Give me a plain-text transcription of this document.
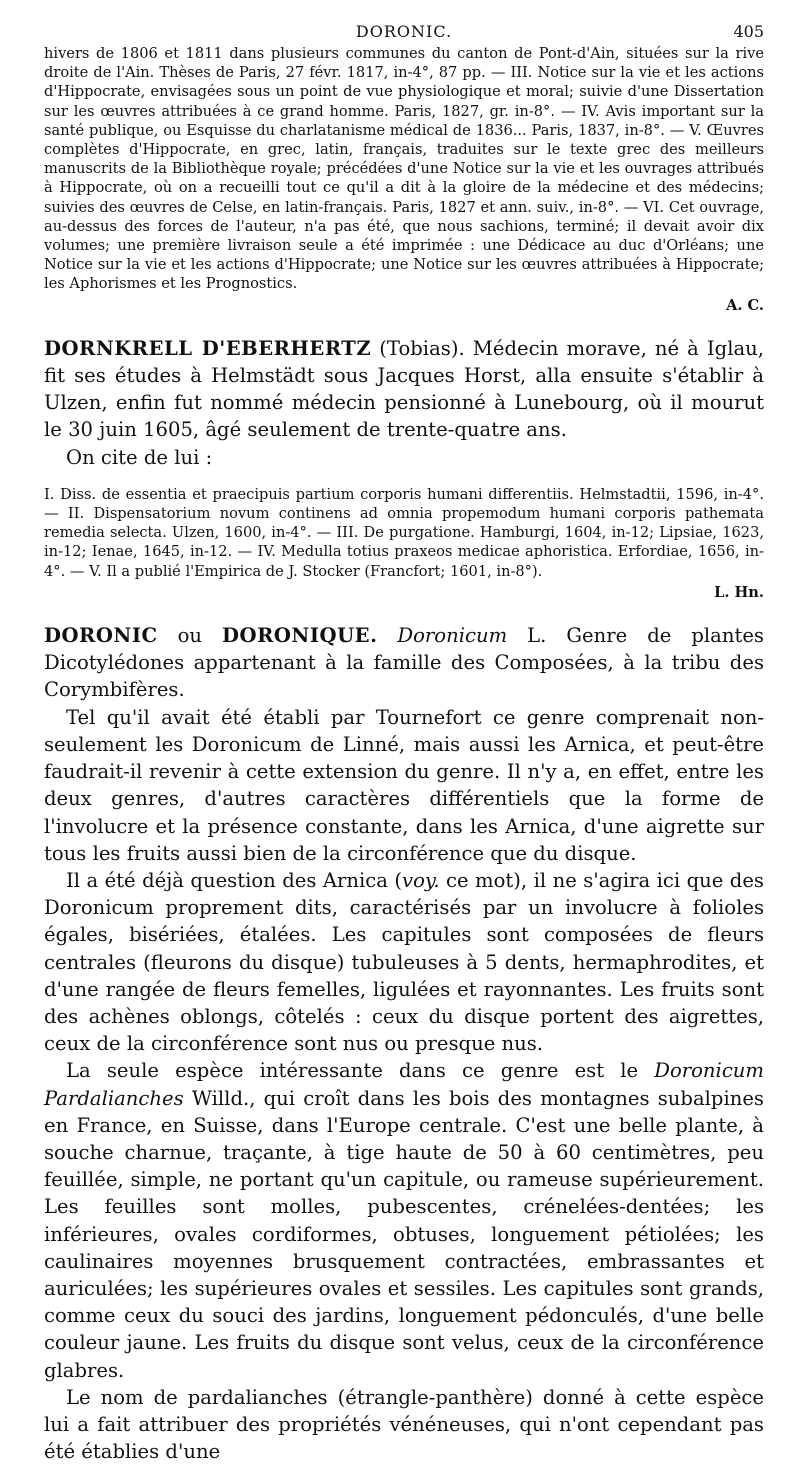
DORONIC.	405

hivers de 1806 et 1811 dans plusieurs communes du canton de Pont-d'Ain, situées sur la rive droite de l'Ain. Thèses de Paris, 27 févr. 1817, in-4°, 87 pp. — III. Notice sur la vie et les actions d'Hippocrate, envisagées sous un point de vue physiologique et moral; suivie d'une Dissertation sur les œuvres attribuées à ce grand homme. Paris, 1827, gr. in-8°. — IV. Avis important sur la santé publique, ou Esquisse du charlatanisme médical de 1836... Paris, 1837, in-8°. — V. Œuvres complètes d'Hippocrate, en grec, latin, français, traduites sur le texte grec des meilleurs manuscrits de la Bibliothèque royale; précédées d'une Notice sur la vie et les ouvrages attribués à Hippocrate, où on a recueilli tout ce qu'il a dit à la gloire de la médecine et des médecins; suivies des œuvres de Celse, en latin-français. Paris, 1827 et ann. suiv., in-8°. — VI. Cet ouvrage, au-dessus des forces de l'auteur, n'a pas été, que nous sachions, terminé; il devait avoir dix volumes; une première livraison seule a été imprimée : une Dédicace au duc d'Orléans; une Notice sur la vie et les actions d'Hippocrate; une Notice sur les œuvres attribuées à Hippocrate; les Aphorismes et les Prognostics.

A. C.

DORNKRELL D'EBERHERTZ (Tobias). Médecin morave, né à Iglau, fit ses études à Helmstädt sous Jacques Horst, alla ensuite s'établir à Ulzen, enfin fut nommé médecin pensionné à Lunebourg, où il mourut le 30 juin 1605, âgé seulement de trente-quatre ans.

On cite de lui :

I. Diss. de essentia et praecipuis partium corporis humani differentiis. Helmstadtii, 1596, in-4°. — II. Dispensatorium novum continens ad omnia propemodum humani corporis pathemata remedia selecta. Ulzen, 1600, in-4°. — III. De purgatione. Hamburgi, 1604, in-12; Lipsiae, 1623, in-12; Ienae, 1645, in-12. — IV. Medulla totius praxeos medicae aphoristica. Erfordiae, 1656, in-4°. — V. Il a publié l'Empirica de J. Stocker (Francfort; 1601, in-8°).

L. Hn.

DORONIC ou DORONIQUE. Doronicum L. Genre de plantes Dicotylédones appartenant à la famille des Composées, à la tribu des Corymbifères.

Tel qu'il avait été établi par Tournefort ce genre comprenait non-seulement les Doronicum de Linné, mais aussi les Arnica, et peut-être faudrait-il revenir à cette extension du genre. Il n'y a, en effet, entre les deux genres, d'autres caractères différentiels que la forme de l'involucre et la présence constante, dans les Arnica, d'une aigrette sur tous les fruits aussi bien de la circonférence que du disque.

Il a été déjà question des Arnica (voy. ce mot), il ne s'agira ici que des Doronicum proprement dits, caractérisés par un involucre à folioles égales, bisériées, étalées. Les capitules sont composées de fleurs centrales (fleurons du disque) tubuleuses à 5 dents, hermaphrodites, et d'une rangée de fleurs femelles, ligulées et rayonnantes. Les fruits sont des achènes oblongs, côtelés : ceux du disque portent des aigrettes, ceux de la circonférence sont nus ou presque nus.

La seule espèce intéressante dans ce genre est le Doronicum Pardalianches Willd., qui croît dans les bois des montagnes subalpines en France, en Suisse, dans l'Europe centrale. C'est une belle plante, à souche charnue, traçante, à tige haute de 50 à 60 centimètres, peu feuillée, simple, ne portant qu'un capitule, ou rameuse supérieurement. Les feuilles sont molles, pubescentes, crénelées-dentées; les inférieures, ovales cordiformes, obtuses, longuement pétiolées; les caulinaires moyennes brusquement contractées, embrassantes et auriculées; les supérieures ovales et sessiles. Les capitules sont grands, comme ceux du souci des jardins, longuement pédonculés, d'une belle couleur jaune. Les fruits du disque sont velus, ceux de la circonférence glabres.

Le nom de pardalianches (étrangle-panthère) donné à cette espèce lui a fait attribuer des propriétés vénéneuses, qui n'ont cependant pas été établies d'une
